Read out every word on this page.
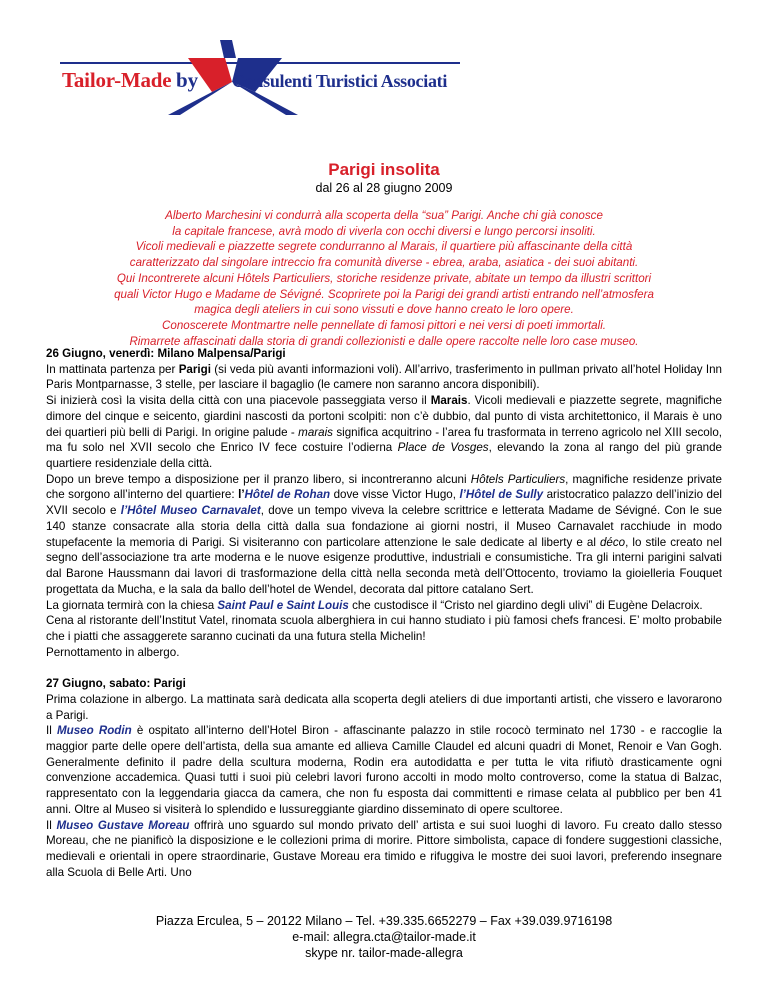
Tailor-Made by Consulenti Turistici Associati
Parigi insolita
dal 26 al 28 giugno 2009
Alberto Marchesini vi condurrà alla scoperta della “sua” Parigi. Anche chi già conosce
la capitale francese, avrà modo di viverla con occhi diversi e lungo percorsi insoliti.
Vicoli medievali e piazzette segrete condurranno al Marais, il quartiere più affascinante della città
caratterizzato dal singolare intreccio fra comunità diverse - ebrea, araba, asiatica - dei suoi abitanti.
Qui Incontrerete alcuni Hôtels Particuliers, storiche residenze private, abitate un tempo da illustri scrittori
quali Victor Hugo e Madame de Sévigné. Scoprirete poi la Parigi dei grandi artisti entrando nell’atmosfera
magica degli ateliers in cui sono vissuti e dove hanno creato le loro opere.
Conoscerete Montmartre nelle pennellate di famosi pittori e nei versi di poeti immortali.
Rimarrete affascinati dalla storia di grandi collezionisti e dalle opere raccolte nelle loro case museo.

26 Giugno, venerdì: Milano Malpensa/Parigi

In mattinata partenza per Parigi (si veda più avanti informazioni voli). All’arrivo, trasferimento in pullman privato all’hotel Holiday Inn Paris Montparnasse, 3 stelle, per lasciare il bagaglio (le camere non saranno ancora disponibili).

Si inizierà così la visita della città con una piacevole passeggiata verso il Marais. Vicoli medievali e piazzette segrete, magnifiche dimore del cinque e seicento, giardini nascosti da portoni scolpiti: non c’è dubbio, dal punto di vista architettonico, il Marais è uno dei quartieri più belli di Parigi. In origine palude - marais significa acquitrino - l’area fu trasformata in terreno agricolo nel XIII secolo, ma fu solo nel XVII secolo che Enrico IV fece costuire l’odierna Place de Vosges, elevando la zona al rango del più grande quartiere residenziale della città.

Dopo un breve tempo a disposizione per il pranzo libero, si incontreranno alcuni Hôtels Particuliers, magnifiche residenze private che sorgono all’interno del quartiere: l’Hôtel de Rohan dove visse Victor Hugo, l’Hôtel de Sully aristocratico palazzo dell’inizio del XVII secolo e l’Hôtel Museo Carnavalet, dove un tempo viveva la celebre scrittrice e letterata Madame de Sévigné. Con le sue 140 stanze consacrate alla storia della città dalla sua fondazione ai giorni nostri, il Museo Carnavalet racchiude in modo stupefacente la memoria di Parigi. Si visiteranno con particolare attenzione le sale dedicate al liberty e al déco, lo stile creato nel segno dell’associazione tra arte moderna e le nuove esigenze produttive, industriali e consumistiche. Tra gli interni parigini salvati dal Barone Haussmann dai lavori di trasformazione della città nella seconda metà dell’Ottocento, troviamo la gioielleria Fouquet progettata da Mucha, e la sala da ballo dell’hotel de Wendel, decorata dal pittore catalano Sert.

La giornata termirà con la chiesa Saint Paul e Saint Louis che custodisce il “Cristo nel giardino degli ulivi” di Eugène Delacroix.

Cena al ristorante dell’Institut Vatel, rinomata scuola alberghiera in cui hanno studiato i più famosi chefs francesi. E’ molto probabile che i piatti che assaggerete saranno cucinati da una futura stella Michelin!

Pernottamento in albergo.

27 Giugno, sabato: Parigi

Prima colazione in albergo. La mattinata sarà dedicata alla scoperta degli ateliers di due importanti artisti, che vissero e lavorarono a Parigi.

Il Museo Rodin è ospitato all’interno dell’Hotel Biron - affascinante palazzo in stile rococò terminato nel 1730 - e raccoglie la maggior parte delle opere dell’artista, della sua amante ed allieva Camille Claudel ed alcuni quadri di Monet, Renoir e Van Gogh. Generalmente definito il padre della scultura moderna, Rodin era autodidatta e per tutta le vita rifiutò drasticamente ogni convenzione accademica. Quasi tutti i suoi più celebri lavori furono accolti in modo molto controverso, come la statua di Balzac, rappresentato con la leggendaria giacca da camera, che non fu esposta dai committenti e rimase celata al pubblico per ben 41 anni. Oltre al Museo si visiterà lo splendido e lussureggiante giardino disseminato di opere scultoree.

Il Museo Gustave Moreau offrirà uno sguardo sul mondo privato dell’ artista e sui suoi luoghi di lavoro. Fu creato dallo stesso Moreau, che ne pianificò la disposizione e le collezioni prima di morire. Pittore simbolista, capace di fondere suggestioni classiche, medievali e orientali in opere straordinarie, Gustave Moreau era timido e rifuggiva le mostre dei suoi lavori, preferendo insegnare alla Scuola di Belle Arti. Uno

Piazza Erculea, 5 – 20122 Milano – Tel. +39.335.6652279 – Fax +39.039.9716198
e-mail: allegra.cta@tailor-made.it
skype nr. tailor-made-allegra
